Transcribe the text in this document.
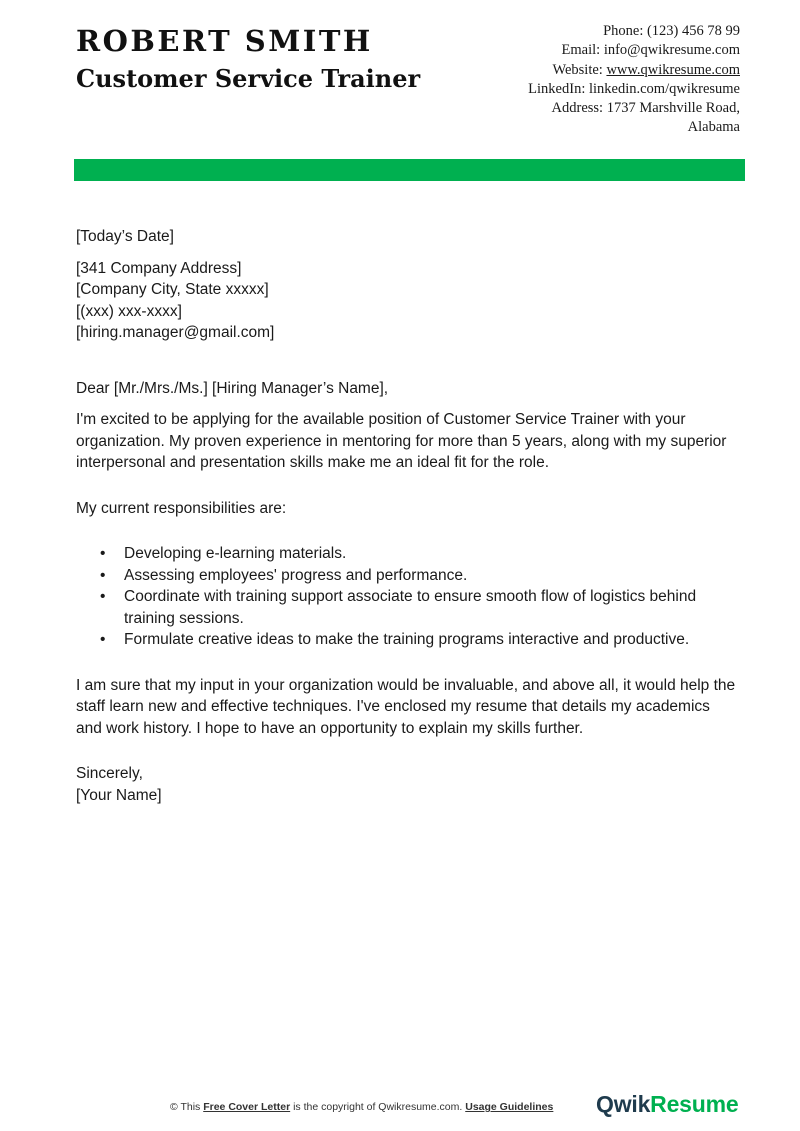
ROBERT SMITH
Customer Service Trainer
Phone: (123) 456 78 99
Email: info@qwikresume.com
Website: www.qwikresume.com
LinkedIn: linkedin.com/qwikresume
Address: 1737 Marshville Road,
Alabama

[Today’s Date]

[341 Company Address]

[Company City, State xxxxx]

[(xxx) xxx-xxxx]

[hiring.manager@gmail.com]

Dear [Mr./Mrs./Ms.] [Hiring Manager’s Name],

I'm excited to be applying for the available position of Customer Service Trainer with your organization. My proven experience in mentoring for more than 5 years, along with my superior interpersonal and presentation skills make me an ideal fit for the role.

My current responsibilities are:

• Developing e-learning materials.
• Assessing employees' progress and performance.
• Coordinate with training support associate to ensure smooth flow of logistics behind training sessions.
• Formulate creative ideas to make the training programs interactive and productive.

I am sure that my input in your organization would be invaluable, and above all, it would help the staff learn new and effective techniques. I've enclosed my resume that details my academics and work history. I hope to have an opportunity to explain my skills further.

Sincerely,

[Your Name]

© This Free Cover Letter is the copyright of Qwikresume.com. Usage Guidelines QwikResume
